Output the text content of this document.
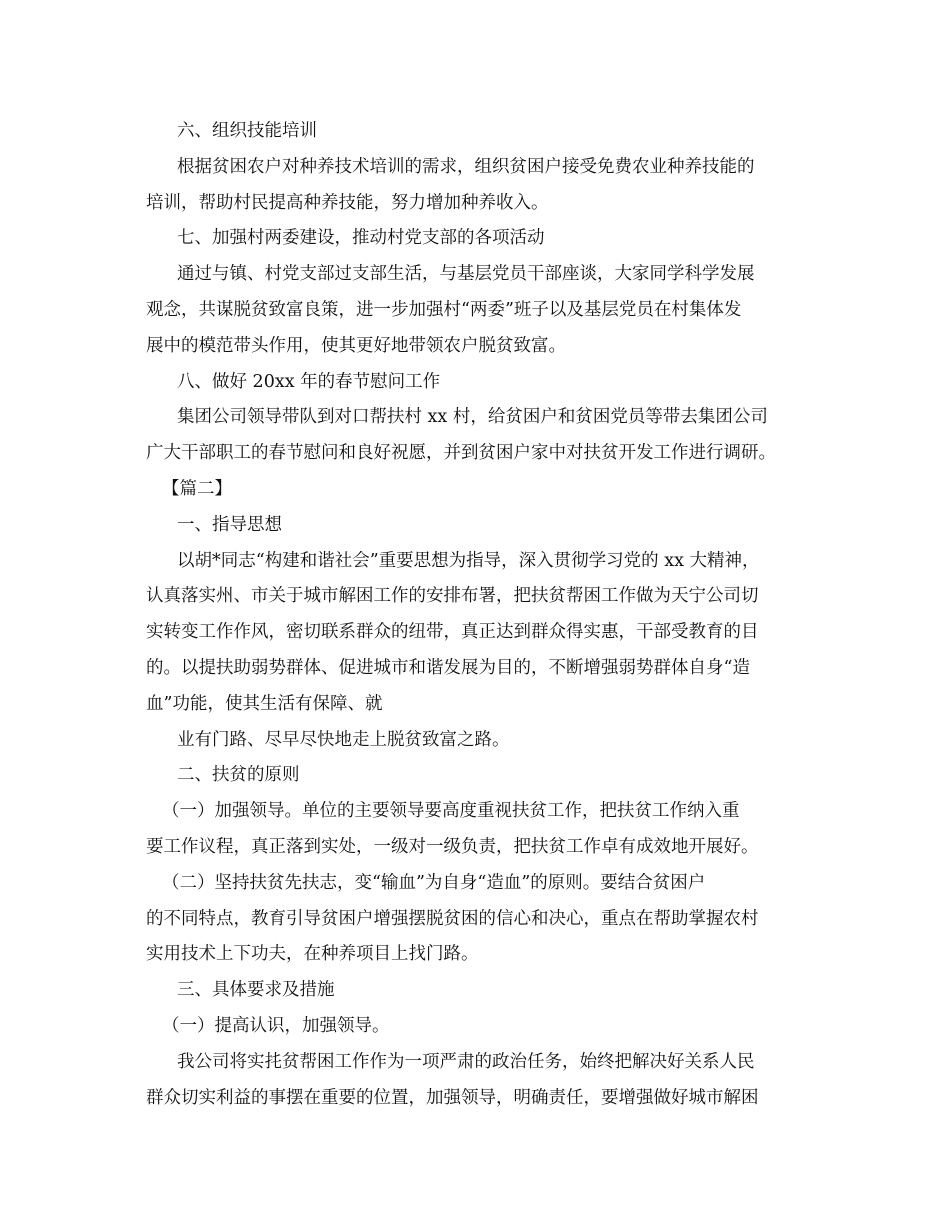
六、组织技能培训
根据贫困农户对种养技术培训的需求，组织贫困户接受免费农业种养技能的
培训，帮助村民提高种养技能，努力增加种养收入。
七、加强村两委建设，推动村党支部的各项活动
通过与镇、村党支部过支部生活，与基层党员干部座谈，大家同学科学发展
观念，共谋脱贫致富良策，进一步加强村“两委”班子以及基层党员在村集体发
展中的模范带头作用，使其更好地带领农户脱贫致富。
八、做好 20xx 年的春节慰问工作
集团公司领导带队到对口帮扶村 xx 村，给贫困户和贫困党员等带去集团公司
广大干部职工的春节慰问和良好祝愿，并到贫困户家中对扶贫开发工作进行调研。
【篇二】
一、指导思想
以胡*同志“构建和谐社会”重要思想为指导，深入贯彻学习党的 xx 大精神，
认真落实州、市关于城市解困工作的安排布署，把扶贫帮困工作做为天宁公司切
实转变工作作风，密切联系群众的纽带，真正达到群众得实惠，干部受教育的目
的。以提扶助弱势群体、促进城市和谐发展为目的，不断增强弱势群体自身“造
血”功能，使其生活有保障、就
业有门路、尽早尽快地走上脱贫致富之路。
二、扶贫的原则
（一）加强领导。单位的主要领导要高度重视扶贫工作，把扶贫工作纳入重
要工作议程，真正落到实处，一级对一级负责，把扶贫工作卓有成效地开展好。
（二）坚持扶贫先扶志，变“输血”为自身“造血”的原则。要结合贫困户
的不同特点，教育引导贫困户增强摆脱贫困的信心和决心，重点在帮助掌握农村
实用技术上下功夫，在种养项目上找门路。
三、具体要求及措施
（一）提高认识，加强领导。
我公司将实扥贫帮困工作作为一项严肃的政治任务，始终把解决好关系人民
群众切实利益的事摆在重要的位置，加强领导，明确责任，要增强做好城市解困
